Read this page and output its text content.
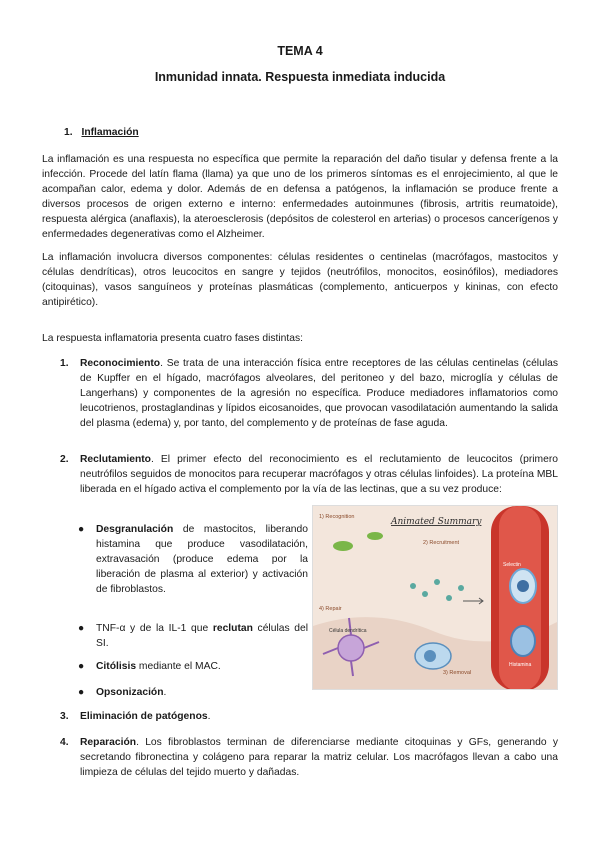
TEMA 4
Inmunidad innata. Respuesta inmediata inducida
1. Inflamación

La inflamación es una respuesta no específica que permite la reparación del daño tisular y defensa frente a la infección. Procede del latín flama (llama) ya que uno de los primeros síntomas es el enrojecimiento, al que le acompañan calor, edema y dolor. Además de en defensa a patógenos, la inflamación se produce frente a diversos procesos de origen externo e interno: enfermedades autoinmunes (fibrosis, artritis reumatoide), respuesta alérgica (anaflaxis), la ateroesclerosis (depósitos de colesterol en arterias) o procesos cancerígenos y enfermedades degenerativas como el Alzheimer.

La inflamación involucra diversos componentes: células residentes o centinelas (macrófagos, mastocitos y células dendríticas), otros leucocitos en sangre y tejidos (neutrófilos, monocitos, eosinófilos), mediadores (citoquinas), vasos sanguíneos y proteínas plasmáticas (complemento, anticuerpos y kininas, con efecto antipirético).

La respuesta inflamatoria presenta cuatro fases distintas:

1.	Reconocimiento. Se trata de una interacción física entre receptores de las células centinelas (células de Kupffer en el hígado, macrófagos alveolares, del peritoneo y del bazo, microglía y células de Langerhans) y componentes de la agresión no específica. Produce mediadores inflamatorios como leucotrienos, prostaglandinas y lípidos eicosanoides, que provocan vasodilatación aumentando la salida del plasma (edema) y, por tanto, del complemento y de proteínas de fase aguda.
2.	Reclutamiento. El primer efecto del reconocimiento es el reclutamiento de leucocitos (primero neutrófilos seguidos de monocitos para recuperar macrófagos y otras células linfoides). La proteína MBL liberada en el hígado activa el complemento por la vía de las lectinas, que a su vez produce:
● Desgranulación de mastocitos, liberando histamina que produce vasodilatación, extravasación (produce edema por la liberación de plasma al exterior) y activación de fibroblastos.
● TNF-α y de la IL-1 que reclutan células del SI.
● Citólisis mediante el MAC.
● Opsonización.
3.	Eliminación de patógenos.
4.	Reparación. Los fibroblastos terminan de diferenciarse mediante citoquinas y GFs, generando y secretando fibronectina y colágeno para reparar la matriz celular. Los macrófagos llevan a cabo una limpieza de células del tejido muerto y dañadas.
Animated Summary
1) Recognition
2) Recruitment
4) Repair
3) Removal
Célula dendrítica
Histamina
Selectin
